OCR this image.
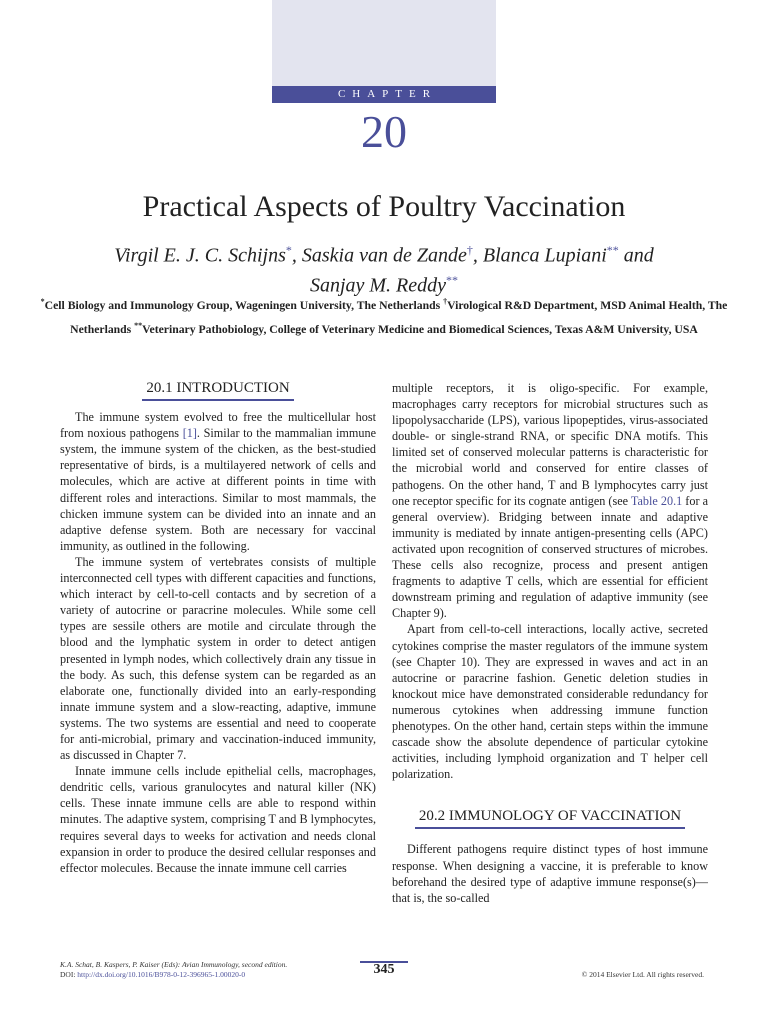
CHAPTER
20
Practical Aspects of Poultry Vaccination
Virgil E. J. C. Schijns*, Saskia van de Zande†, Blanca Lupiani** and
Sanjay M. Reddy**
*Cell Biology and Immunology Group, Wageningen University, The Netherlands †Virological R&D Department, MSD Animal Health, The Netherlands **Veterinary Pathobiology, College of Veterinary Medicine and Biomedical Sciences, Texas A&M University, USA
20.1 INTRODUCTION

The immune system evolved to free the multicellular host from noxious pathogens [1]. Similar to the mammalian immune system, the immune system of the chicken, as the best-studied representative of birds, is a multilayered network of cells and molecules, which are active at different points in time with different roles and interactions. Similar to most mammals, the chicken immune system can be divided into an innate and an adaptive defense system. Both are necessary for vaccinal immunity, as outlined in the following.

The immune system of vertebrates consists of multiple interconnected cell types with different capacities and functions, which interact by cell-to-cell contacts and by secretion of a variety of autocrine or paracrine molecules. While some cell types are sessile others are motile and circulate through the blood and the lymphatic system in order to detect antigen presented in lymph nodes, which collectively drain any tissue in the body. As such, this defense system can be regarded as an elaborate one, functionally divided into an early-responding innate immune system and a slow-reacting, adaptive, immune systems. The two systems are essential and need to cooperate for anti-microbial, primary and vaccination-induced immunity, as discussed in Chapter 7.

Innate immune cells include epithelial cells, macrophages, dendritic cells, various granulocytes and natural killer (NK) cells. These innate immune cells are able to respond within minutes. The adaptive system, comprising T and B lymphocytes, requires several days to weeks for activation and needs clonal expansion in order to produce the desired cellular responses and effector molecules. Because the innate immune cell carries

multiple receptors, it is oligo-specific. For example, macrophages carry receptors for microbial structures such as lipopolysaccharide (LPS), various lipopeptides, virus-associated double- or single-strand RNA, or specific DNA motifs. This limited set of conserved molecular patterns is characteristic for the microbial world and conserved for entire classes of pathogens. On the other hand, T and B lymphocytes carry just one receptor specific for its cognate antigen (see Table 20.1 for a general overview). Bridging between innate and adaptive immunity is mediated by innate antigen-presenting cells (APC) activated upon recognition of conserved structures of microbes. These cells also recognize, process and present antigen fragments to adaptive T cells, which are essential for efficient downstream priming and regulation of adaptive immunity (see Chapter 9).

Apart from cell-to-cell interactions, locally active, secreted cytokines comprise the master regulators of the immune system (see Chapter 10). They are expressed in waves and act in an autocrine or paracrine fashion. Genetic deletion studies in knockout mice have demonstrated considerable redundancy for numerous cytokines when addressing immune function phenotypes. On the other hand, certain steps within the immune cascade show the absolute dependence of particular cytokine activities, including lymphoid organization and T helper cell polarization.

20.2 IMMUNOLOGY OF VACCINATION

Different pathogens require distinct types of host immune response. When designing a vaccine, it is preferable to know beforehand the desired type of adaptive immune response(s)—that is, the so-called

K.A. Schat, B. Kaspers, P. Kaiser (Eds): Avian Immunology, second edition.
DOI: http://dx.doi.org/10.1016/B978-0-12-396965-1.00020-0	345	© 2014 Elsevier Ltd. All rights reserved.
